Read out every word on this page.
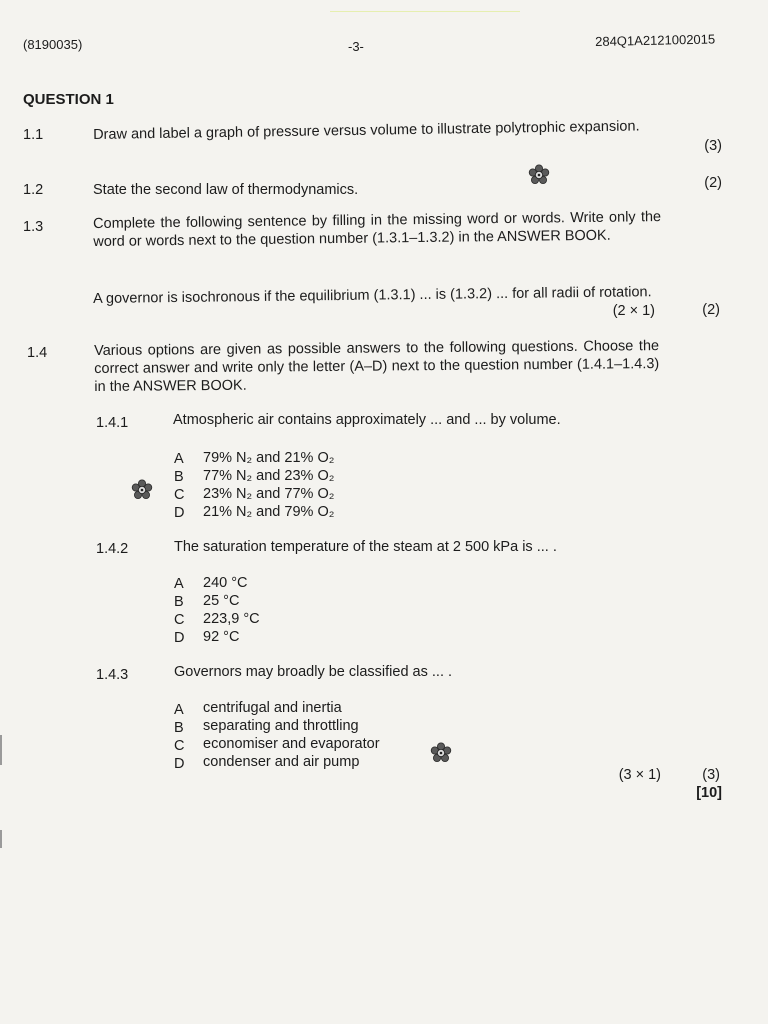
(8190035)	-3-	284Q1A2121002015
QUESTION 1
1.1	Draw and label a graph of pressure versus volume to illustrate polytrophic expansion.
(3)
1.2	State the second law of thermodynamics.	(2)
1.3	Complete the following sentence by filling in the missing word or words. Write only the word or words next to the question number (1.3.1–1.3.2) in the ANSWER BOOK.
A governor is isochronous if the equilibrium (1.3.1) ... is (1.3.2) ... for all radii of rotation.
(2 × 1)	(2)
1.4	Various options are given as possible answers to the following questions. Choose the correct answer and write only the letter (A–D) next to the question number (1.4.1–1.4.3) in the ANSWER BOOK.
1.4.1	Atmospheric air contains approximately ... and ... by volume.
A 79% N₂ and 21% O₂
B 77% N₂ and 23% O₂
C 23% N₂ and 77% O₂
D 21% N₂ and 79% O₂
1.4.2	The saturation temperature of the steam at 2 500 kPa is ... .
A 240 °C
B 25 °C
C 223,9 °C
D 92 °C
1.4.3	Governors may broadly be classified as ... .
A centrifugal and inertia
B separating and throttling
C economiser and evaporator
D condenser and air pump
(3 × 1)	(3)
[10]
